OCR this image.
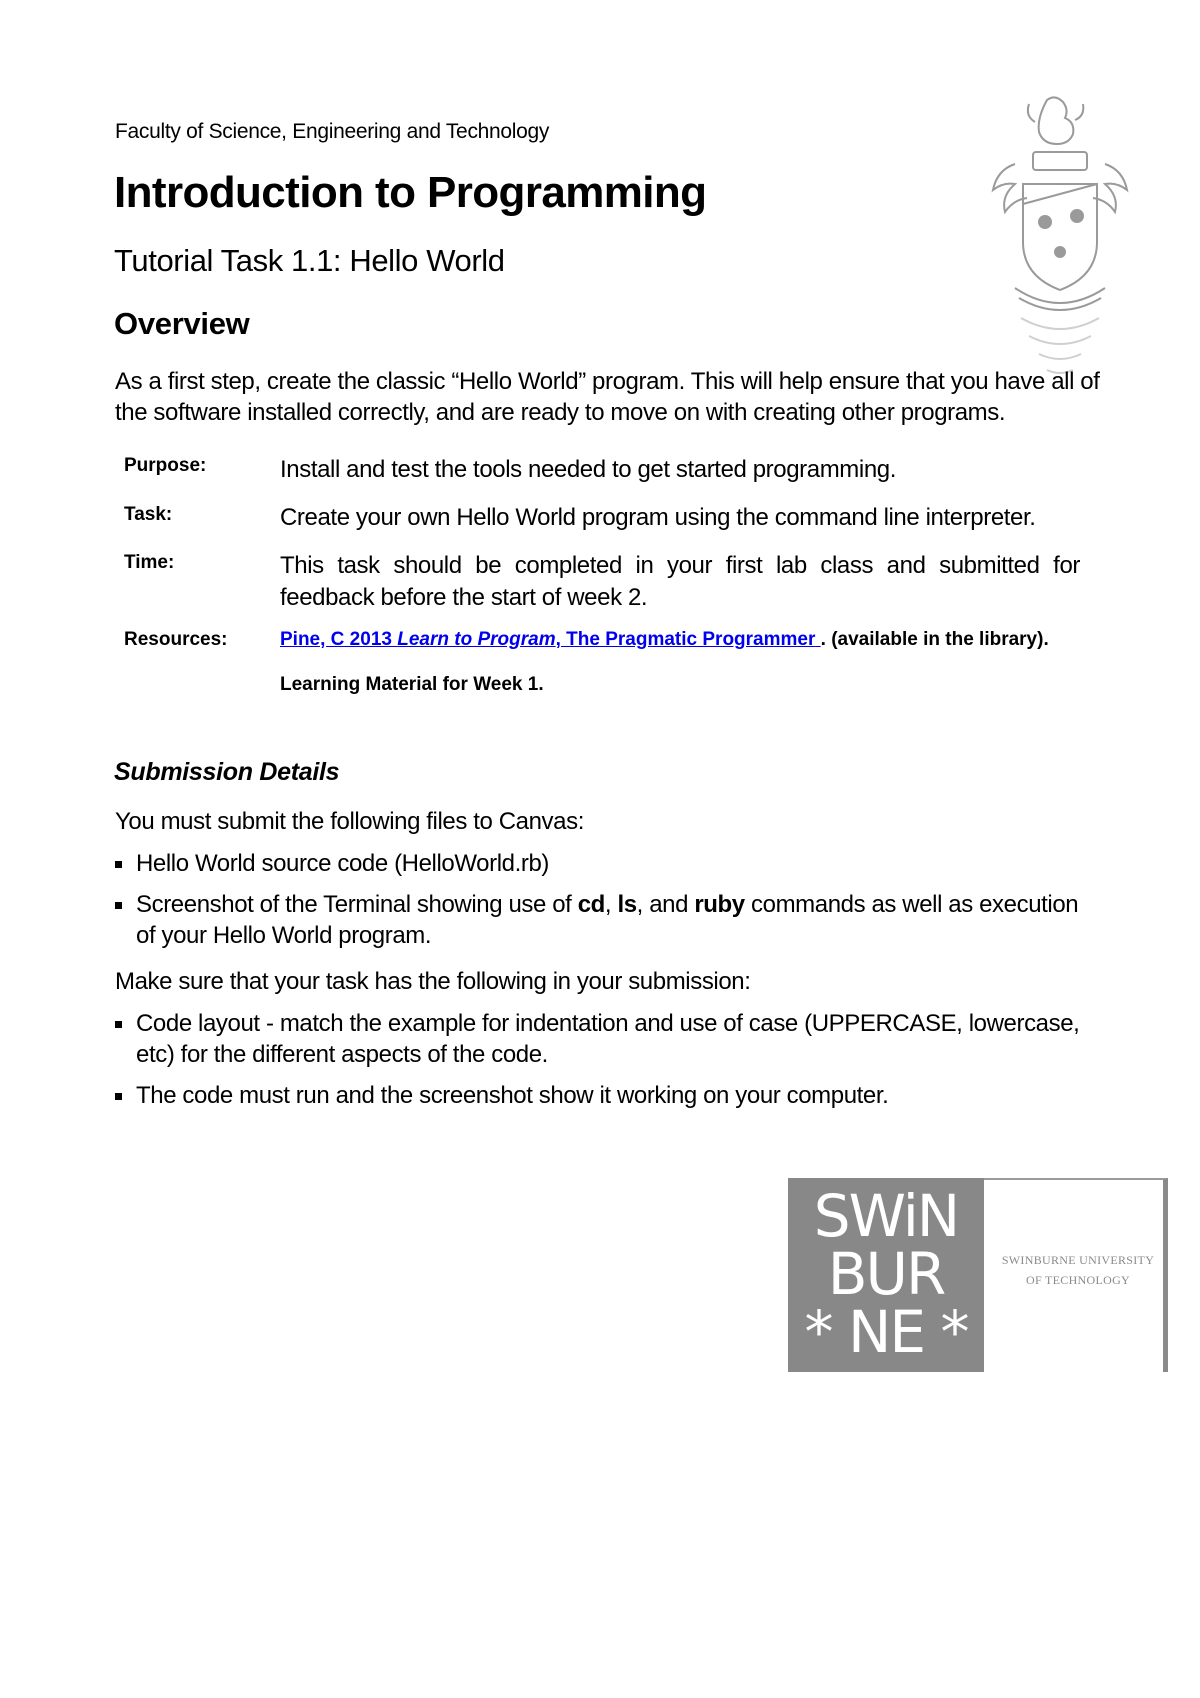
Faculty of Science, Engineering and Technology
Introduction to Programming
Tutorial Task 1.1: Hello World
Overview
As a first step, create the classic “Hello World” program. This will help ensure that you have all of the software installed correctly, and are ready to move on with creating other programs.
Purpose:	Install and test the tools needed to get started programming.
Task:	Create your own Hello World program using the command line interpreter.
Time:	This task should be completed in your first lab class and submitted for feedback before the start of week 2.
Resources:	Pine, C 2013 Learn to Program, The Pragmatic Programmer . (available in the library).
Learning Material for Week 1.
Submission Details
You must submit the following files to Canvas:
Hello World source code (HelloWorld.rb)
Screenshot of the Terminal showing use of cd, ls, and ruby commands as well as execution of your Hello World program.
Make sure that your task has the following in your submission:
Code layout - match the example for indentation and use of case (UPPERCASE, lowercase, etc) for the different aspects of the code.
The code must run and the screenshot show it working on your computer.
SWiN
BUR
* NE *
SWINBURNE UNIVERSITY
OF TECHNOLOGY
